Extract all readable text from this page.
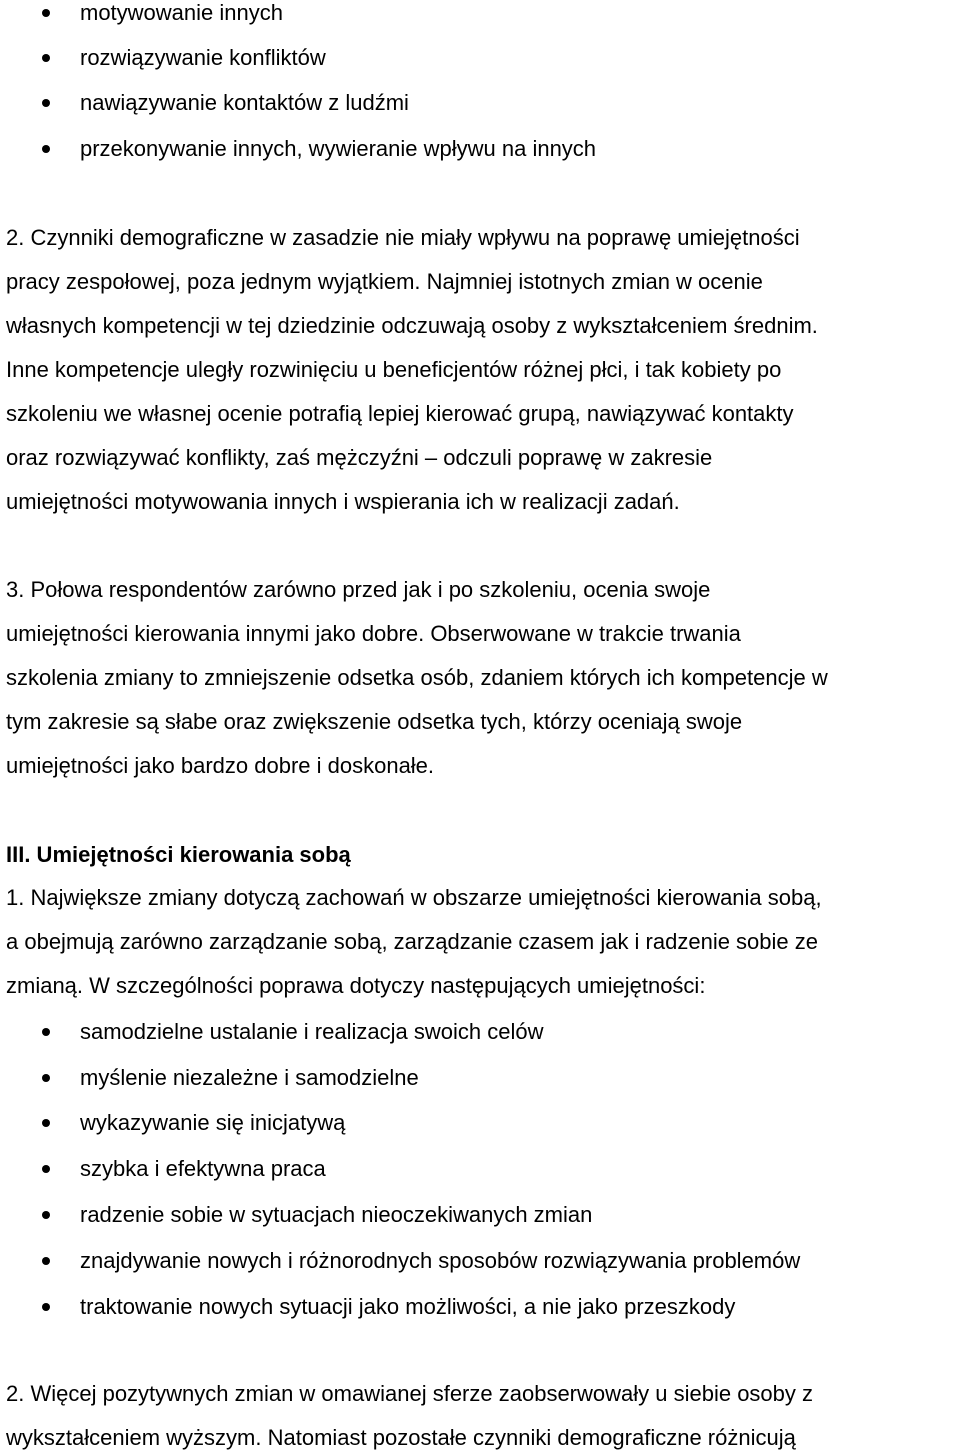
motywowanie innych
rozwiązywanie konfliktów
nawiązywanie kontaktów z ludźmi
przekonywanie innych, wywieranie wpływu na innych
2. Czynniki demograficzne w zasadzie nie miały wpływu na poprawę umiejętności
pracy zespołowej, poza jednym wyjątkiem. Najmniej istotnych zmian w ocenie
własnych kompetencji w tej dziedzinie odczuwają osoby z wykształceniem średnim.
Inne kompetencje uległy rozwinięciu u beneficjentów różnej płci, i tak kobiety po
szkoleniu we własnej ocenie potrafią lepiej kierować grupą, nawiązywać kontakty
oraz rozwiązywać konflikty, zaś mężczyźni – odczuli poprawę w zakresie
umiejętności motywowania innych i wspierania ich w realizacji zadań.
3. Połowa respondentów zarówno przed jak i po szkoleniu, ocenia swoje
umiejętności kierowania innymi jako dobre. Obserwowane w trakcie trwania
szkolenia zmiany to zmniejszenie odsetka osób, zdaniem których ich kompetencje w
tym zakresie są słabe oraz zwiększenie odsetka tych, którzy oceniają swoje
umiejętności jako bardzo dobre i doskonałe.
III. Umiejętności kierowania sobą
1. Największe zmiany dotyczą zachowań w obszarze umiejętności kierowania sobą,
a obejmują zarówno zarządzanie sobą, zarządzanie czasem jak i radzenie sobie ze
zmianą. W szczególności poprawa dotyczy następujących umiejętności:
samodzielne ustalanie i realizacja swoich celów
myślenie niezależne i samodzielne
wykazywanie się inicjatywą
szybka i efektywna praca
radzenie sobie w sytuacjach nieoczekiwanych zmian
znajdywanie nowych i różnorodnych sposobów rozwiązywania problemów
traktowanie nowych sytuacji jako możliwości, a nie jako przeszkody
2. Więcej pozytywnych zmian w omawianej sferze zaobserwowały u siebie osoby z
wykształceniem wyższym. Natomiast pozostałe czynniki demograficzne różnicują
